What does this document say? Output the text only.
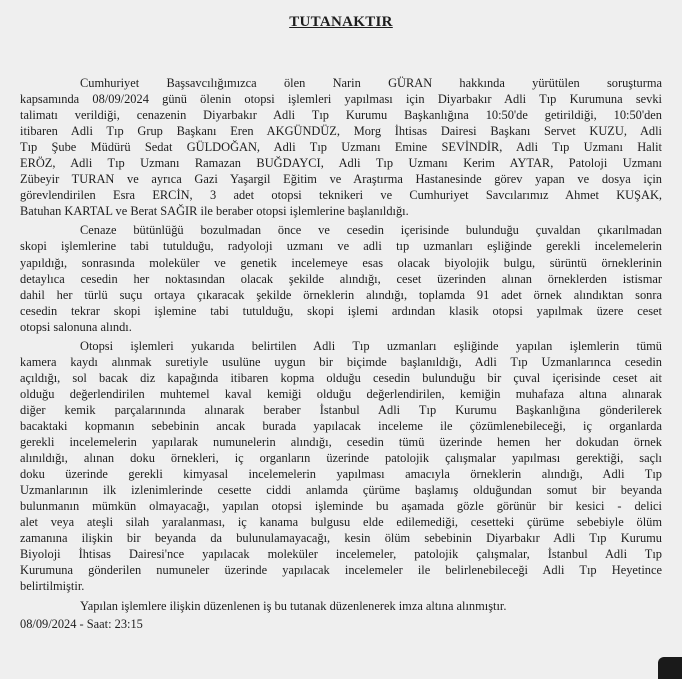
TUTANAKTIR
Cumhuriyet Başsavcılığımızca ölen Narin GÜRAN hakkında yürütülen soruşturma
kapsamında 08/09/2024 günü ölenin otopsi işlemleri yapılması için Diyarbakır Adli Tıp Kurumuna sevki
talimatı verildiği, cenazenin Diyarbakır Adli Tıp Kurumu Başkanlığına 10:50'de getirildiği, 10:50'den
itibaren Adli Tıp Grup Başkanı Eren AKGÜNDÜZ, Morg İhtisas Dairesi Başkanı Servet KUZU, Adli
Tıp Şube Müdürü Sedat GÜLDOĞAN, Adli Tıp Uzmanı Emine SEVİNDİR, Adli Tıp Uzmanı Halit
ERÖZ, Adli Tıp Uzmanı Ramazan BUĞDAYCI, Adli Tıp Uzmanı Kerim AYTAR, Patoloji Uzmanı
Zübeyir TURAN ve ayrıca Gazi Yaşargil Eğitim ve Araştırma Hastanesinde görev yapan ve dosya için
görevlendirilen Esra ERCİN, 3 adet otopsi teknikeri ve Cumhuriyet Savcılarımız Ahmet KUŞAK,
Batuhan KARTAL ve Berat SAĞIR ile beraber otopsi işlemlerine başlanıldığı.
Cenaze bütünlüğü bozulmadan önce ve cesedin içerisinde bulunduğu çuvaldan çıkarılmadan
skopi işlemlerine tabi tutulduğu, radyoloji uzmanı ve adli tıp uzmanları eşliğinde gerekli incelemelerin
yapıldığı, sonrasında moleküler ve genetik incelemeye esas olacak biyolojik bulgu, sürüntü örneklerinin
detaylıca cesedin her noktasından olacak şekilde alındığı, ceset üzerinden alınan örneklerden istismar
dahil her türlü suçu ortaya çıkaracak şekilde örneklerin alındığı, toplamda 91 adet örnek alındıktan sonra
cesedin tekrar skopi işlemine tabi tutulduğu, skopi işlemi ardından klasik otopsi yapılmak üzere ceset
otopsi salonuna alındı.
Otopsi işlemleri yukarıda belirtilen Adli Tıp uzmanları eşliğinde yapılan işlemlerin tümü
kamera kaydı alınmak suretiyle usulüne uygun bir biçimde başlanıldığı, Adli Tıp Uzmanlarınca cesedin
açıldığı, sol bacak diz kapağında itibaren kopma olduğu cesedin bulunduğu bir çuval içerisinde ceset ait
olduğu değerlendirilen muhtemel kaval kemiği olduğu değerlendirilen, kemiğin muhafaza altına alınarak
diğer kemik parçalarınında alınarak beraber İstanbul Adli Tıp Kurumu Başkanlığına gönderilerek
bacaktaki kopmanın sebebinin ancak burada yapılacak inceleme ile çözümlenebileceği, iç organlarda
gerekli incelemelerin yapılarak numunelerin alındığı, cesedin tümü üzerinde hemen her dokudan örnek
alınıldığı, alınan doku örnekleri, iç organların üzerinde patolojik çalışmalar yapılması gerektiği, saçlı
doku üzerinde gerekli kimyasal incelemelerin yapılması amacıyla örneklerin alındığı, Adli Tıp
Uzmanlarının ilk izlenimlerinde cesette ciddi anlamda çürüme başlamış olduğundan somut bir beyanda
bulunmanın mümkün olmayacağı, yapılan otopsi işleminde bu aşamada gözle görünür bir kesici - delici
alet veya ateşli silah yaralanması, iç kanama bulgusu elde edilemediği, cesetteki çürüme sebebiyle ölüm
zamanına ilişkin bir beyanda da bulunulamayacağı, kesin ölüm sebebinin Diyarbakır Adli Tıp Kurumu
Biyoloji İhtisas Dairesi'nce yapılacak moleküler incelemeler, patolojik çalışmalar, İstanbul Adli Tıp
Kurumuna gönderilen numuneler üzerinde yapılacak incelemeler ile belirlenebileceği Adli Tıp Heyetince
belirtilmiştir.
Yapılan işlemlere ilişkin düzenlenen iş bu tutanak düzenlenerek imza altına alınmıştır.
08/09/2024 - Saat: 23:15
